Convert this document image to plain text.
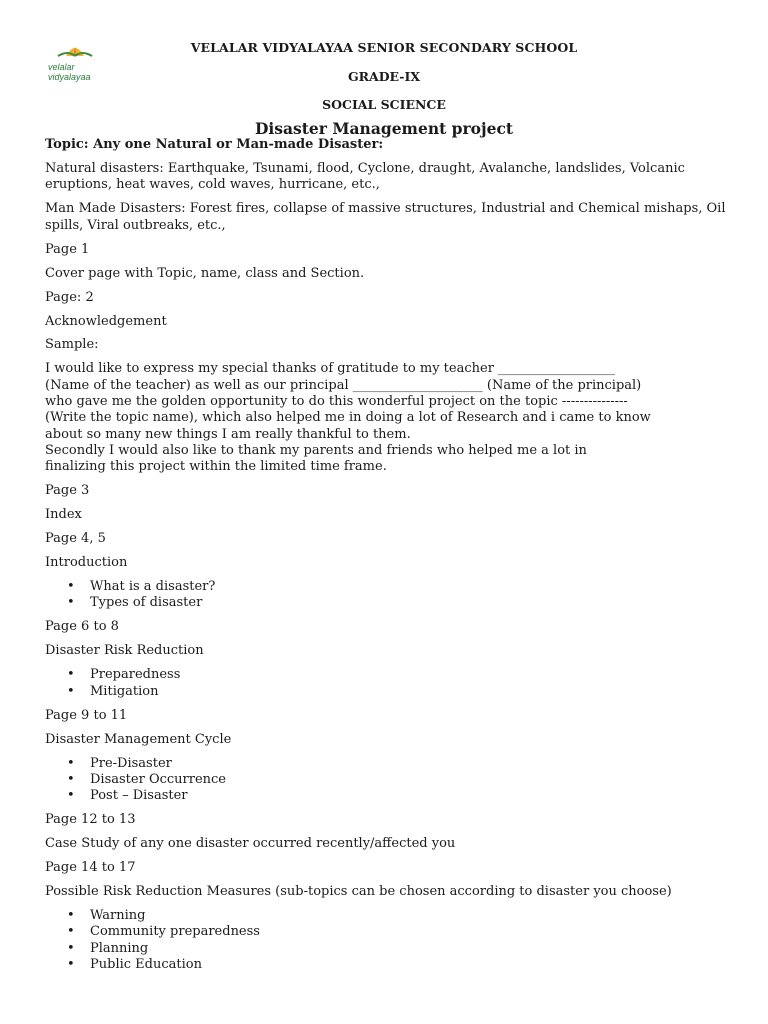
velalar
vidyalayaa
VELALAR VIDYALAYAA SENIOR SECONDARY SCHOOL
GRADE-IX
SOCIAL SCIENCE
Disaster Management project

Topic: Any one Natural or Man-made Disaster:

Natural disasters: Earthquake, Tsunami, flood, Cyclone, draught, Avalanche, landslides, Volcanic eruptions, heat waves, cold waves, hurricane, etc.,

Man Made Disasters: Forest fires, collapse of massive structures, Industrial and Chemical mishaps, Oil spills, Viral outbreaks, etc.,

Page 1

Cover page with Topic, name, class and Section.

Page: 2

Acknowledgement

Sample:

I would like to express my special thanks of gratitude to my teacher __________________
(Name of the teacher) as well as our principal ____________________ (Name of the principal)
who gave me the golden opportunity to do this wonderful project on the topic ---------------
(Write the topic name), which also helped me in doing a lot of Research and i came to know
about so many new things I am really thankful to them.
Secondly I would also like to thank my parents and friends who helped me a lot in
finalizing this project within the limited time frame.

Page 3

Index

Page 4, 5

Introduction

• What is a disaster?
• Types of disaster

Page 6 to 8

Disaster Risk Reduction

• Preparedness
• Mitigation

Page 9 to 11

Disaster Management Cycle

• Pre-Disaster
• Disaster Occurrence
• Post – Disaster

Page 12 to 13

Case Study of any one disaster occurred recently/affected you

Page 14 to 17

Possible Risk Reduction Measures (sub-topics can be chosen according to disaster you choose)

• Warning
• Community preparedness
• Planning
• Public Education
